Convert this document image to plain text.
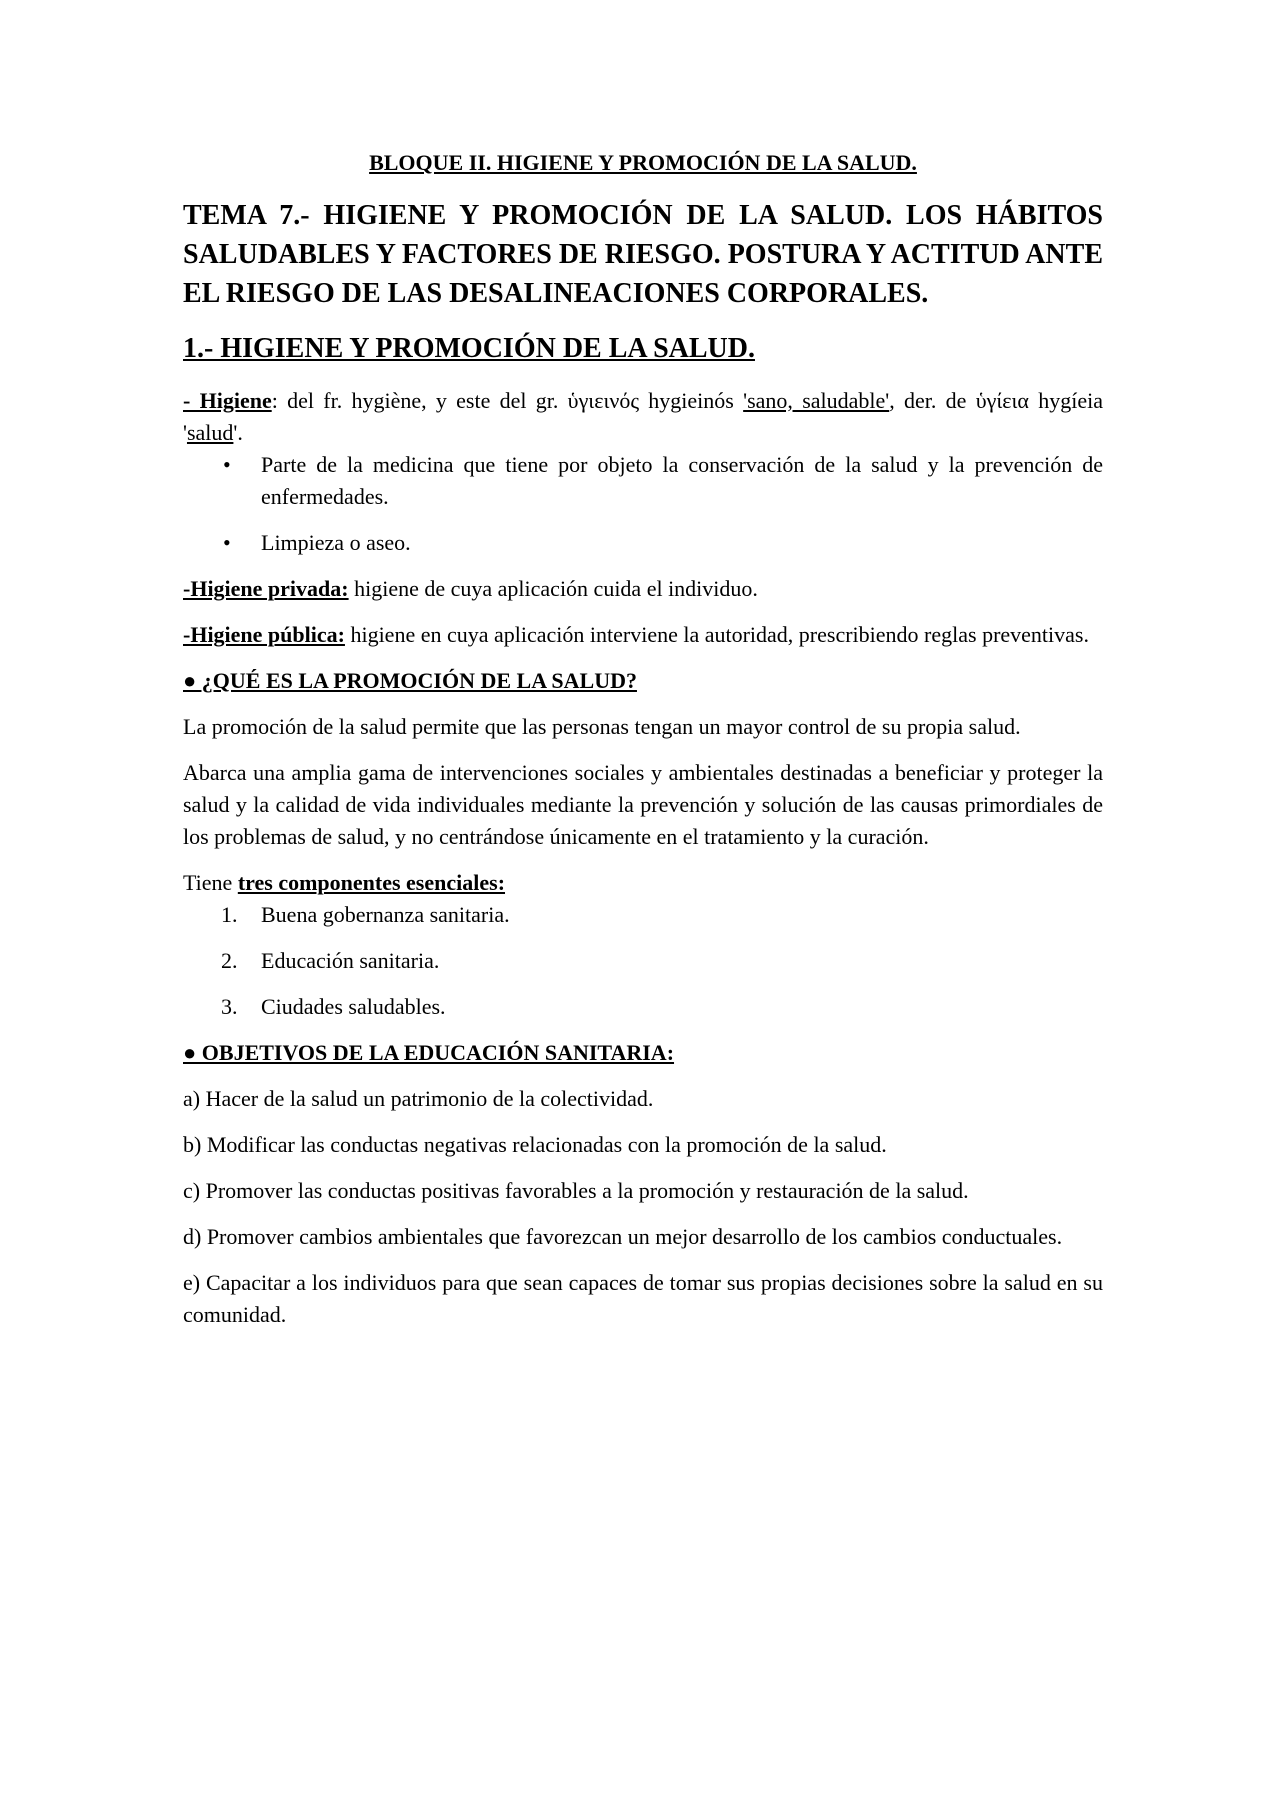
BLOQUE II. HIGIENE Y PROMOCIÓN DE LA SALUD.

TEMA 7.- HIGIENE Y PROMOCIÓN DE LA SALUD. LOS HÁBITOS SALUDABLES Y FACTORES DE RIESGO. POSTURA Y ACTITUD ANTE EL RIESGO DE LAS DESALINEACIONES CORPORALES.

1.- HIGIENE Y PROMOCIÓN DE LA SALUD.

- Higiene: del fr. hygiène, y este del gr. ὑγιεινός hygieinós 'sano, saludable', der. de ὑγίεια hygíeia 'salud'.

• Parte de la medicina que tiene por objeto la conservación de la salud y la prevención de enfermedades.
• Limpieza o aseo.

-Higiene privada: higiene de cuya aplicación cuida el individuo.

-Higiene pública: higiene en cuya aplicación interviene la autoridad, prescribiendo reglas preventivas.

● ¿QUÉ ES LA PROMOCIÓN DE LA SALUD?

La promoción de la salud permite que las personas tengan un mayor control de su propia salud.

Abarca una amplia gama de intervenciones sociales y ambientales destinadas a beneficiar y proteger la salud y la calidad de vida individuales mediante la prevención y solución de las causas primordiales de los problemas de salud, y no centrándose únicamente en el tratamiento y la curación.

Tiene tres componentes esenciales:

1. Buena gobernanza sanitaria.
2. Educación sanitaria.
3. Ciudades saludables.

● OBJETIVOS DE LA EDUCACIÓN SANITARIA:

a) Hacer de la salud un patrimonio de la colectividad.

b) Modificar las conductas negativas relacionadas con la promoción de la salud.

c) Promover las conductas positivas favorables a la promoción y restauración de la salud.

d) Promover cambios ambientales que favorezcan un mejor desarrollo de los cambios conductuales.

e) Capacitar a los individuos para que sean capaces de tomar sus propias decisiones sobre la salud en su comunidad.
